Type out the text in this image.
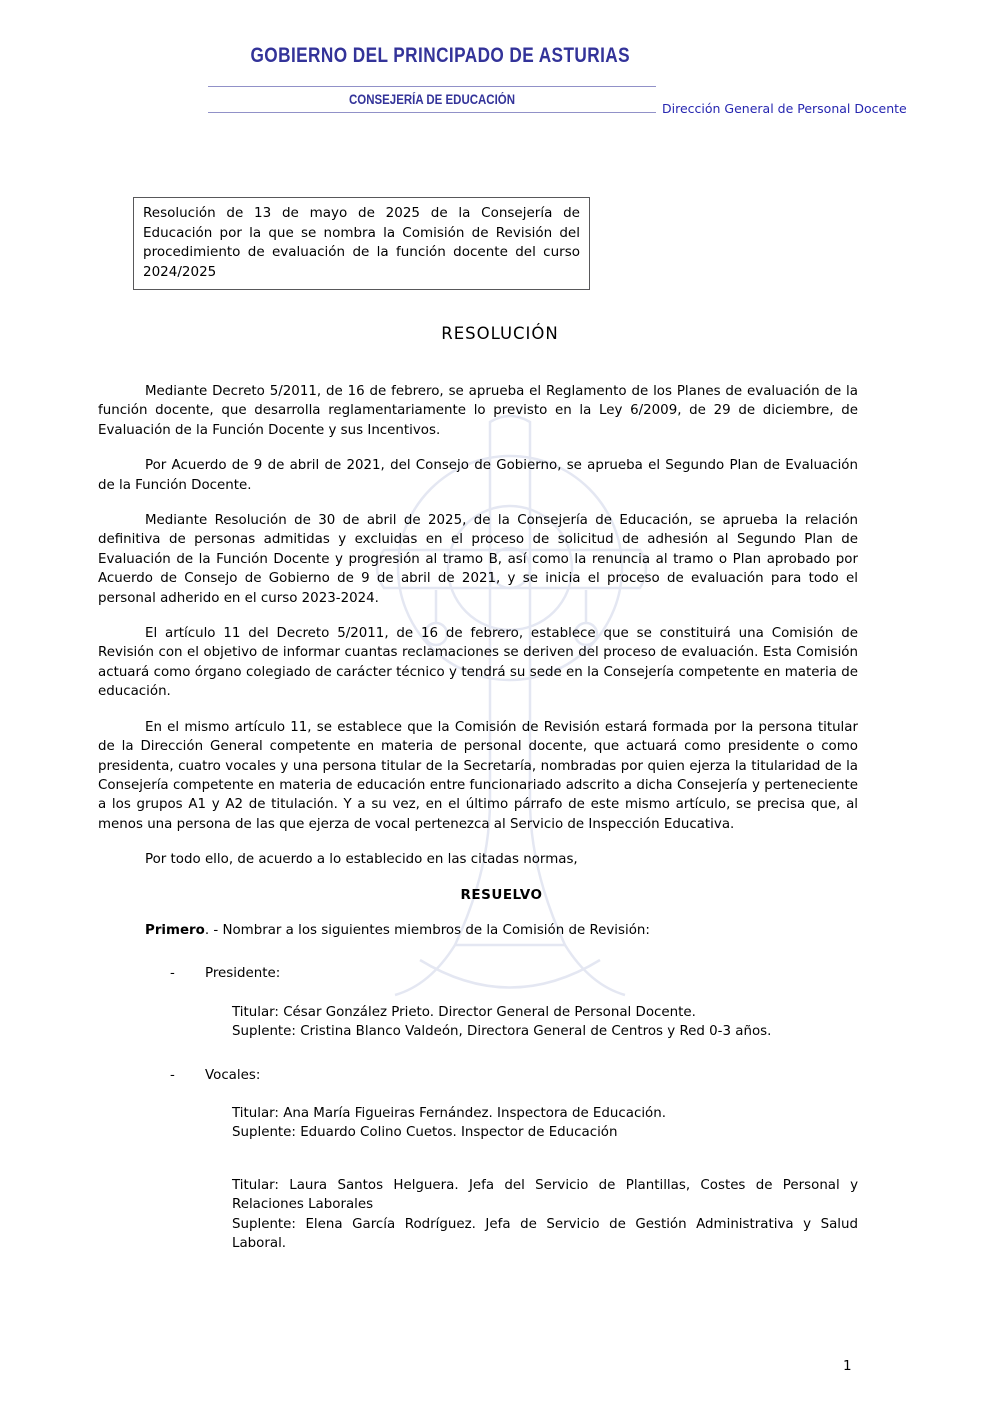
GOBIERNO DEL PRINCIPADO DE ASTURIAS
CONSEJERÍA DE EDUCACIÓN
Dirección General de Personal Docente
Resolución de 13 de mayo de 2025 de la Consejería de Educación por la que se nombra la Comisión de Revisión del procedimiento de evaluación de la función docente del curso 2024/2025
RESOLUCIÓN

Mediante Decreto 5/2011, de 16 de febrero, se aprueba el Reglamento de los Planes de evaluación de la función docente, que desarrolla reglamentariamente lo previsto en la Ley 6/2009, de 29 de diciembre, de Evaluación de la Función Docente y sus Incentivos.

Por Acuerdo de 9 de abril de 2021, del Consejo de Gobierno, se aprueba el Segundo Plan de Evaluación de la Función Docente.

Mediante Resolución de 30 de abril de 2025, de la Consejería de Educación, se aprueba la relación definitiva de personas admitidas y excluidas en el proceso de solicitud de adhesión al Segundo Plan de Evaluación de la Función Docente y progresión al tramo B, así como la renuncia al tramo o Plan aprobado por Acuerdo de Consejo de Gobierno de 9 de abril de 2021, y se inicia el proceso de evaluación para todo el personal adherido en el curso 2023-2024.

El artículo 11 del Decreto 5/2011, de 16 de febrero, establece que se constituirá una Comisión de Revisión con el objetivo de informar cuantas reclamaciones se deriven del proceso de evaluación. Esta Comisión actuará como órgano colegiado de carácter técnico y tendrá su sede en la Consejería competente en materia de educación.

En el mismo artículo 11, se establece que la Comisión de Revisión estará formada por la persona titular de la Dirección General competente en materia de personal docente, que actuará como presidente o como presidenta, cuatro vocales y una persona titular de la Secretaría, nombradas por quien ejerza la titularidad de la Consejería competente en materia de educación entre funcionariado adscrito a dicha Consejería y perteneciente a los grupos A1 y A2 de titulación. Y a su vez, en el último párrafo de este mismo artículo, se precisa que, al menos una persona de las que ejerza de vocal pertenezca al Servicio de Inspección Educativa.

Por todo ello, de acuerdo a lo establecido en las citadas normas,

RESUELVO

Primero. - Nombrar a los siguientes miembros de la Comisión de Revisión:

- Presidente:
Titular: César González Prieto. Director General de Personal Docente.
Suplente: Cristina Blanco Valdeón, Directora General de Centros y Red 0-3 años.
- Vocales:
Titular: Ana María Figueiras Fernández. Inspectora de Educación.
Suplente: Eduardo Colino Cuetos. Inspector de Educación
Titular: Laura Santos Helguera. Jefa del Servicio de Plantillas, Costes de Personal y Relaciones Laborales
Suplente: Elena García Rodríguez. Jefa de Servicio de Gestión Administrativa y Salud Laboral.
1
